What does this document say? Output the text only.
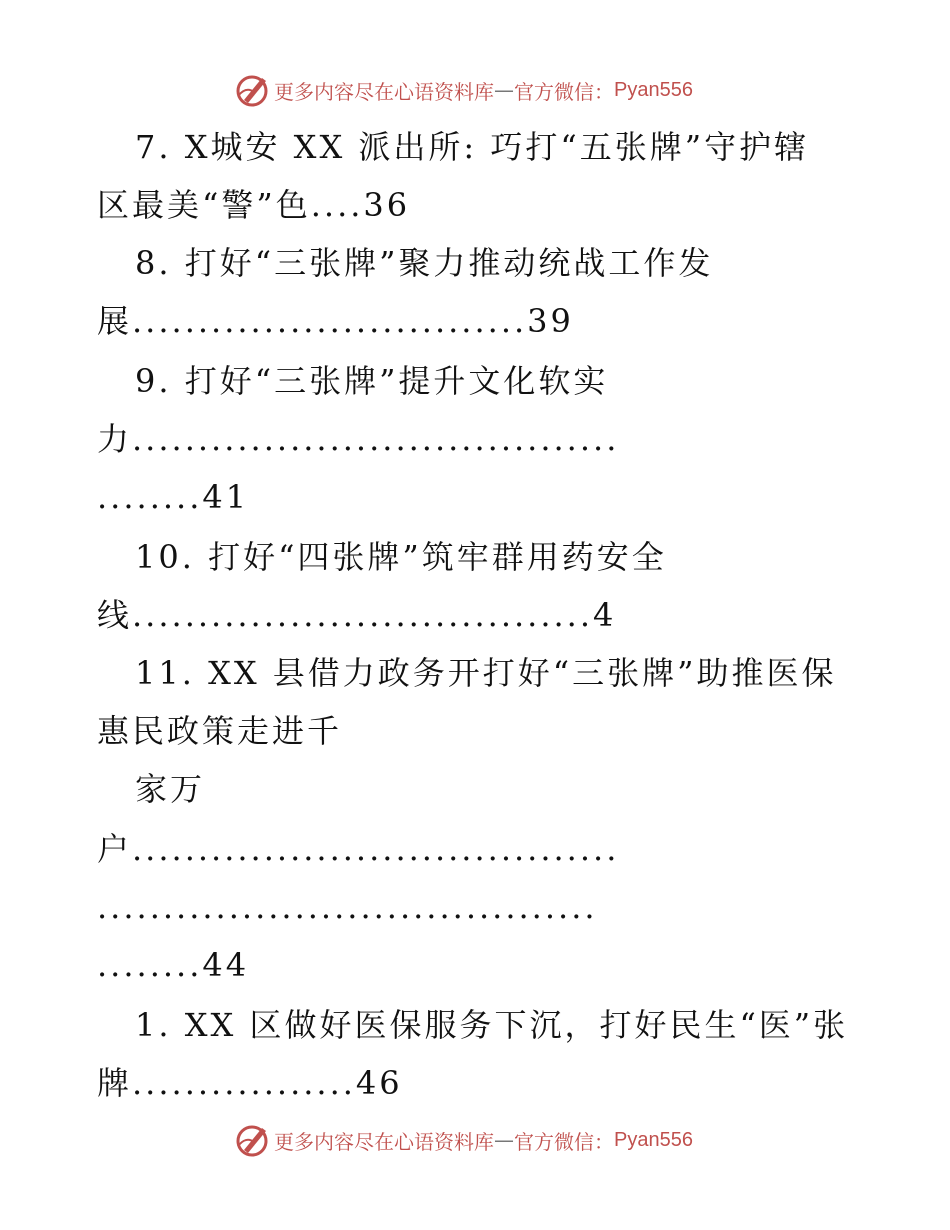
更多内容尽在心语资料库 — 官方微信： Pyan556
7. X城安 XX 派出所: 巧打“五张牌”守护辖
区最美“警”色....36
8. 打好“三张牌”聚力推动统战工作发
展..............................39
9. 打好“三张牌”提升文化软实
力.....................................
........41
10. 打好“四张牌”筑牢群用药安全
线...................................4
11. XX 县借力政务开打好“三张牌”助推医保
惠民政策走进千
家万
户.....................................
......................................
........44
1. XX 区做好医保服务下沉，打好民生“医”张
牌.................46
更多内容尽在心语资料库 — 官方微信： Pyan556
